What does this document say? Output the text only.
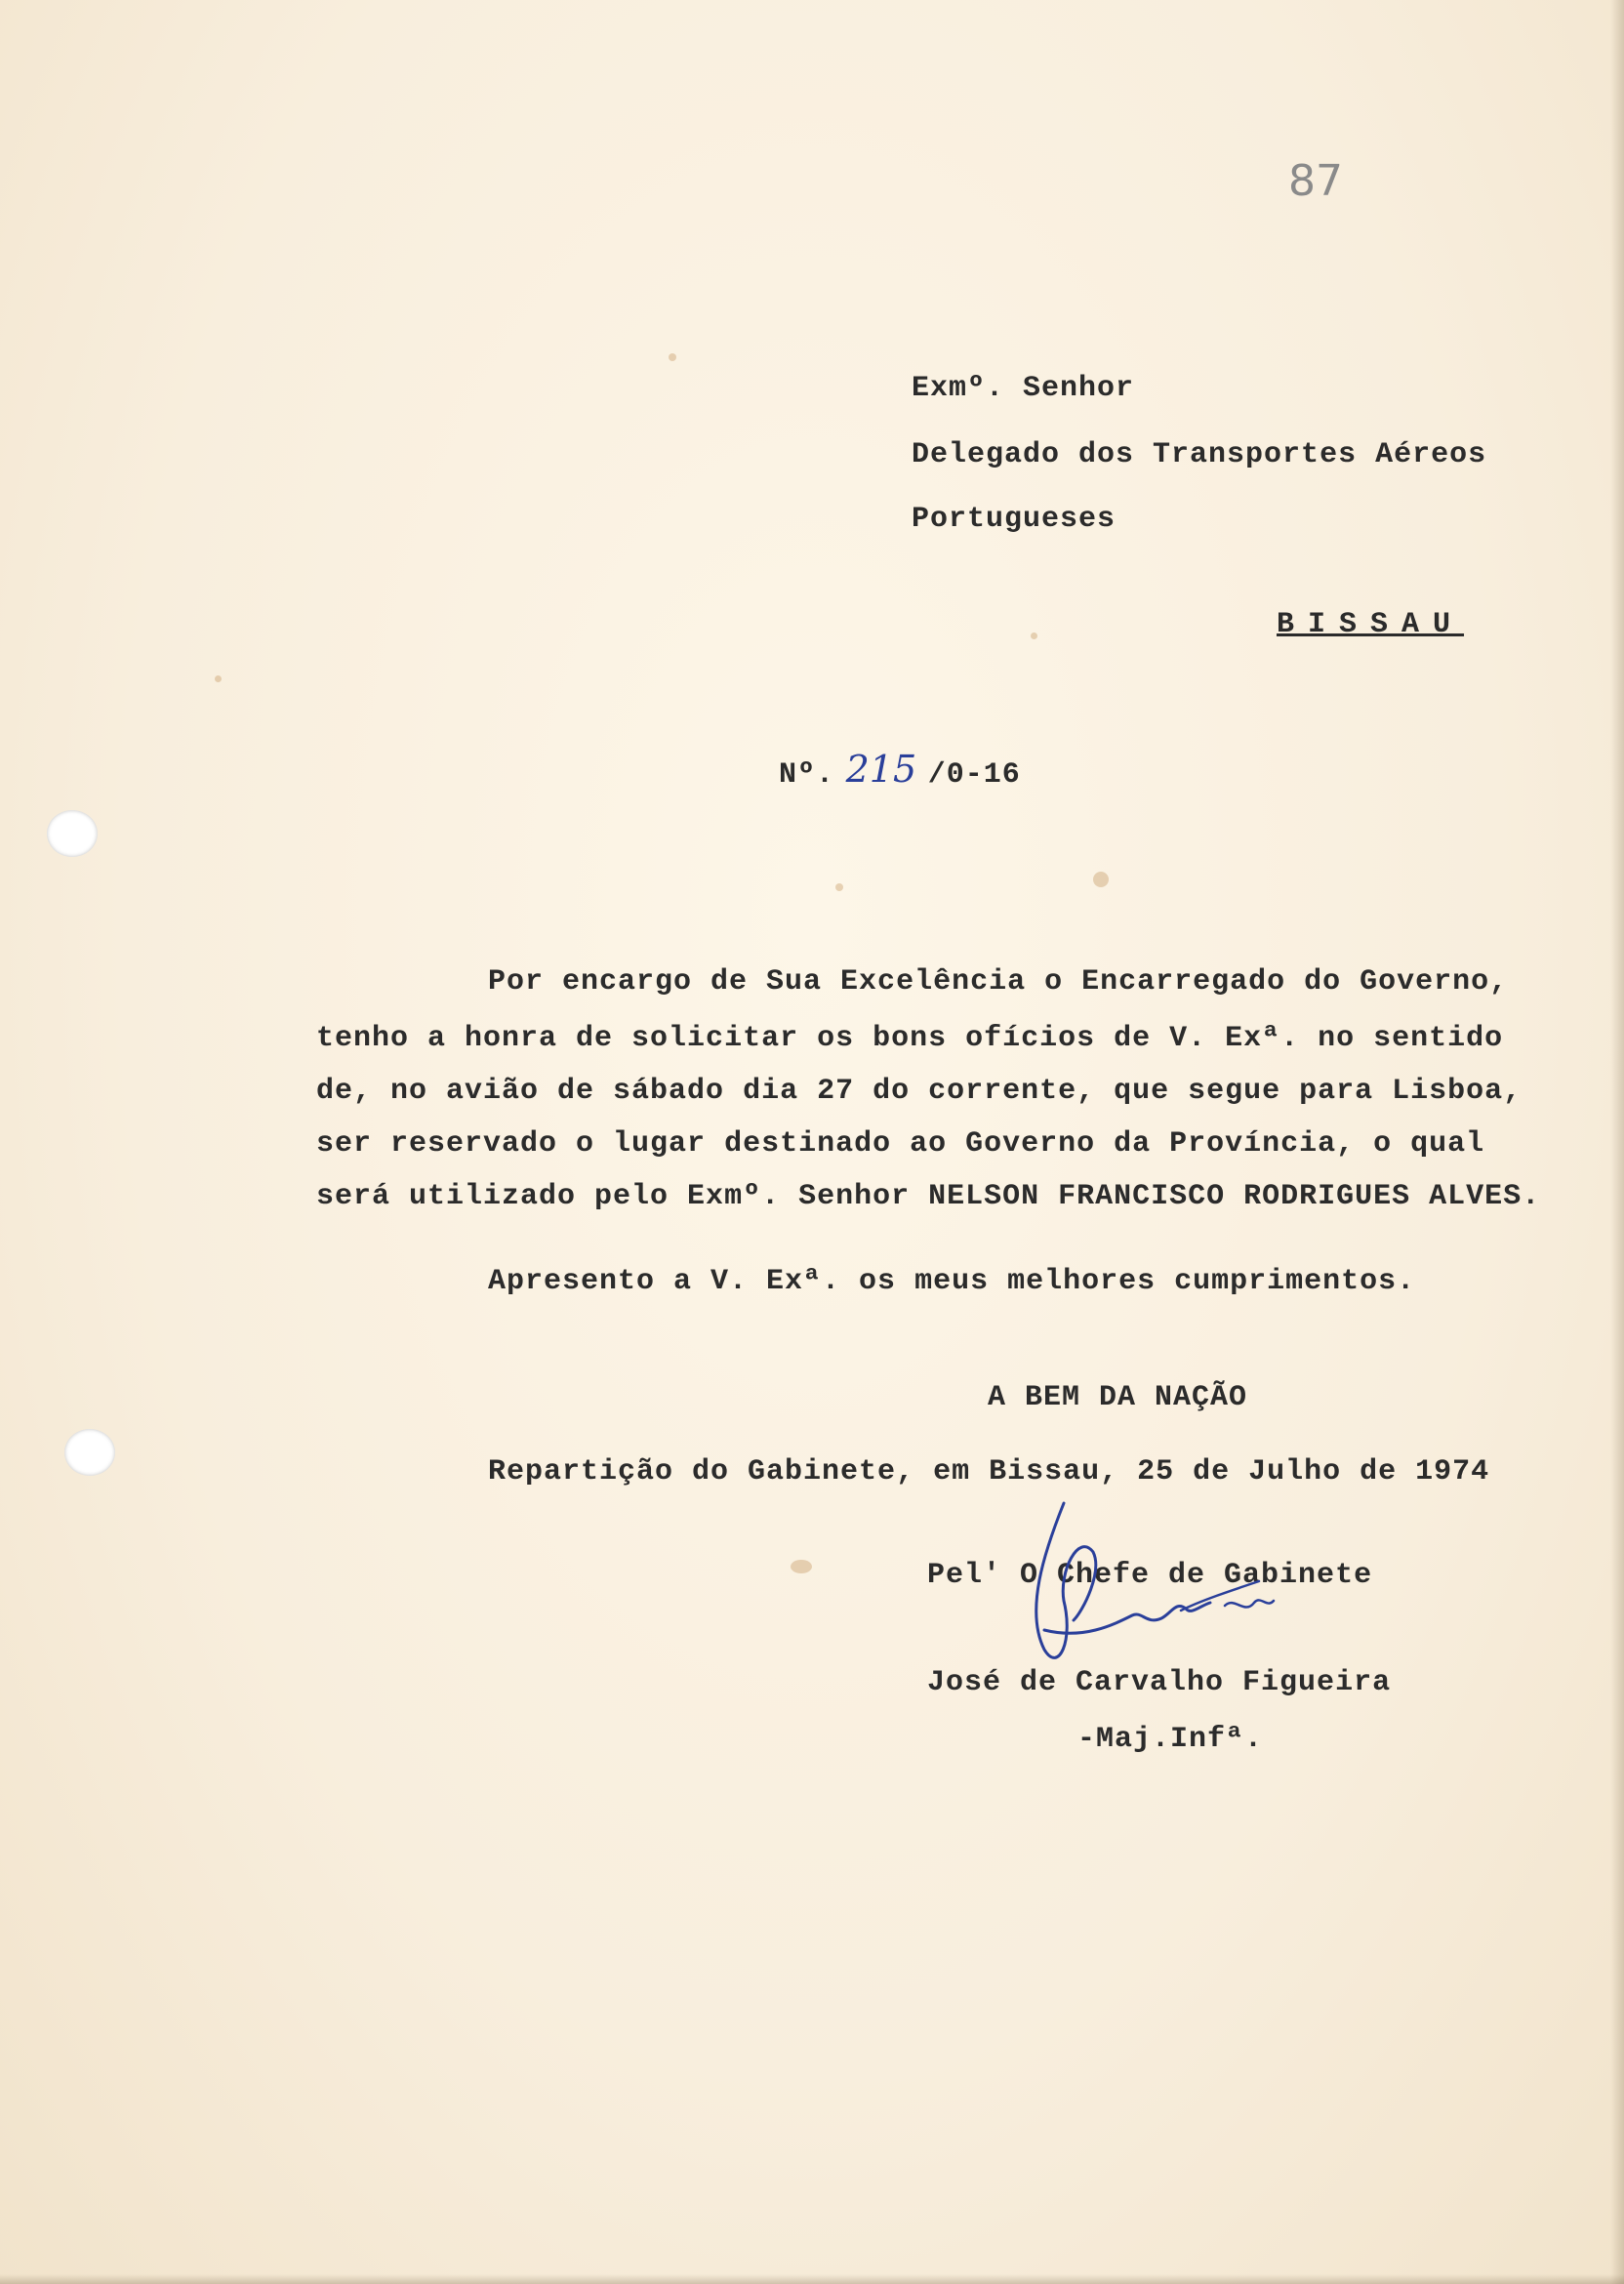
87
Exmº. Senhor
Delegado dos Transportes Aéreos
Portugueses
BISSAU
Nº. 215 /0-16
Por encargo de Sua Excelência o Encarregado do Governo,
tenho a honra de solicitar os bons ofícios de V. Exª. no sentido
de, no avião de sábado dia 27 do corrente, que segue para Lisboa,
ser reservado o lugar destinado ao Governo da Província, o qual
será utilizado pelo Exmº. Senhor NELSON FRANCISCO RODRIGUES ALVES.
Apresento a V. Exª. os meus melhores cumprimentos.
A BEM DA NAÇÃO
Repartição do Gabinete, em Bissau, 25 de Julho de 1974
Pel' O Chefe de Gabinete
José de Carvalho Figueira
-Maj.Infª.
